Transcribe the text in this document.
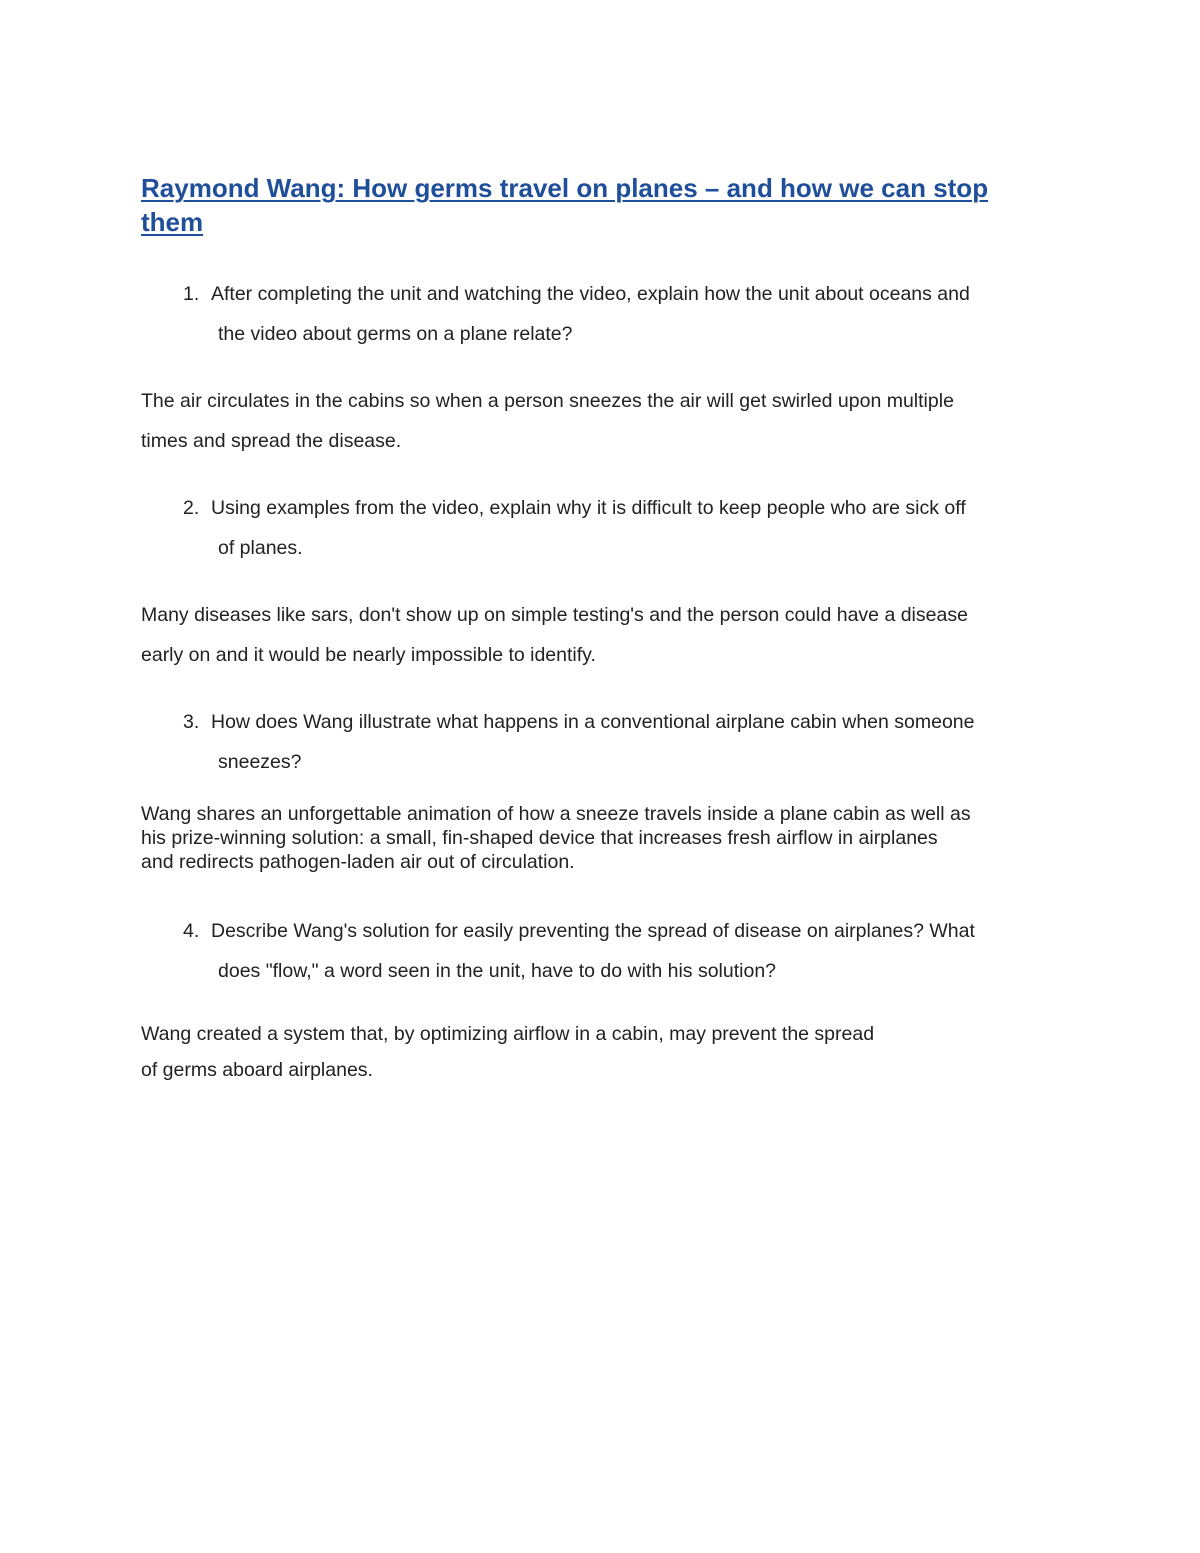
Raymond Wang: How germs travel on planes – and how we can stop them
1. After completing the unit and watching the video, explain how the unit about oceans and
the video about germs on a plane relate?
The air circulates in the cabins so when a person sneezes the air will get swirled upon multiple
times and spread the disease.
2. Using examples from the video, explain why it is difficult to keep people who are sick off
of planes.
Many diseases like sars, don't show up on simple testing's and the person could have a disease
early on and it would be nearly impossible to identify.
3. How does Wang illustrate what happens in a conventional airplane cabin when someone
sneezes?
Wang shares an unforgettable animation of how a sneeze travels inside a plane cabin as well as
his prize-winning solution: a small, fin-shaped device that increases fresh airflow in airplanes
and redirects pathogen-laden air out of circulation.
4. Describe Wang's solution for easily preventing the spread of disease on airplanes? What
does "flow," a word seen in the unit, have to do with his solution?
Wang created a system that, by optimizing airflow in a cabin, may prevent the spread
of germs aboard airplanes.
